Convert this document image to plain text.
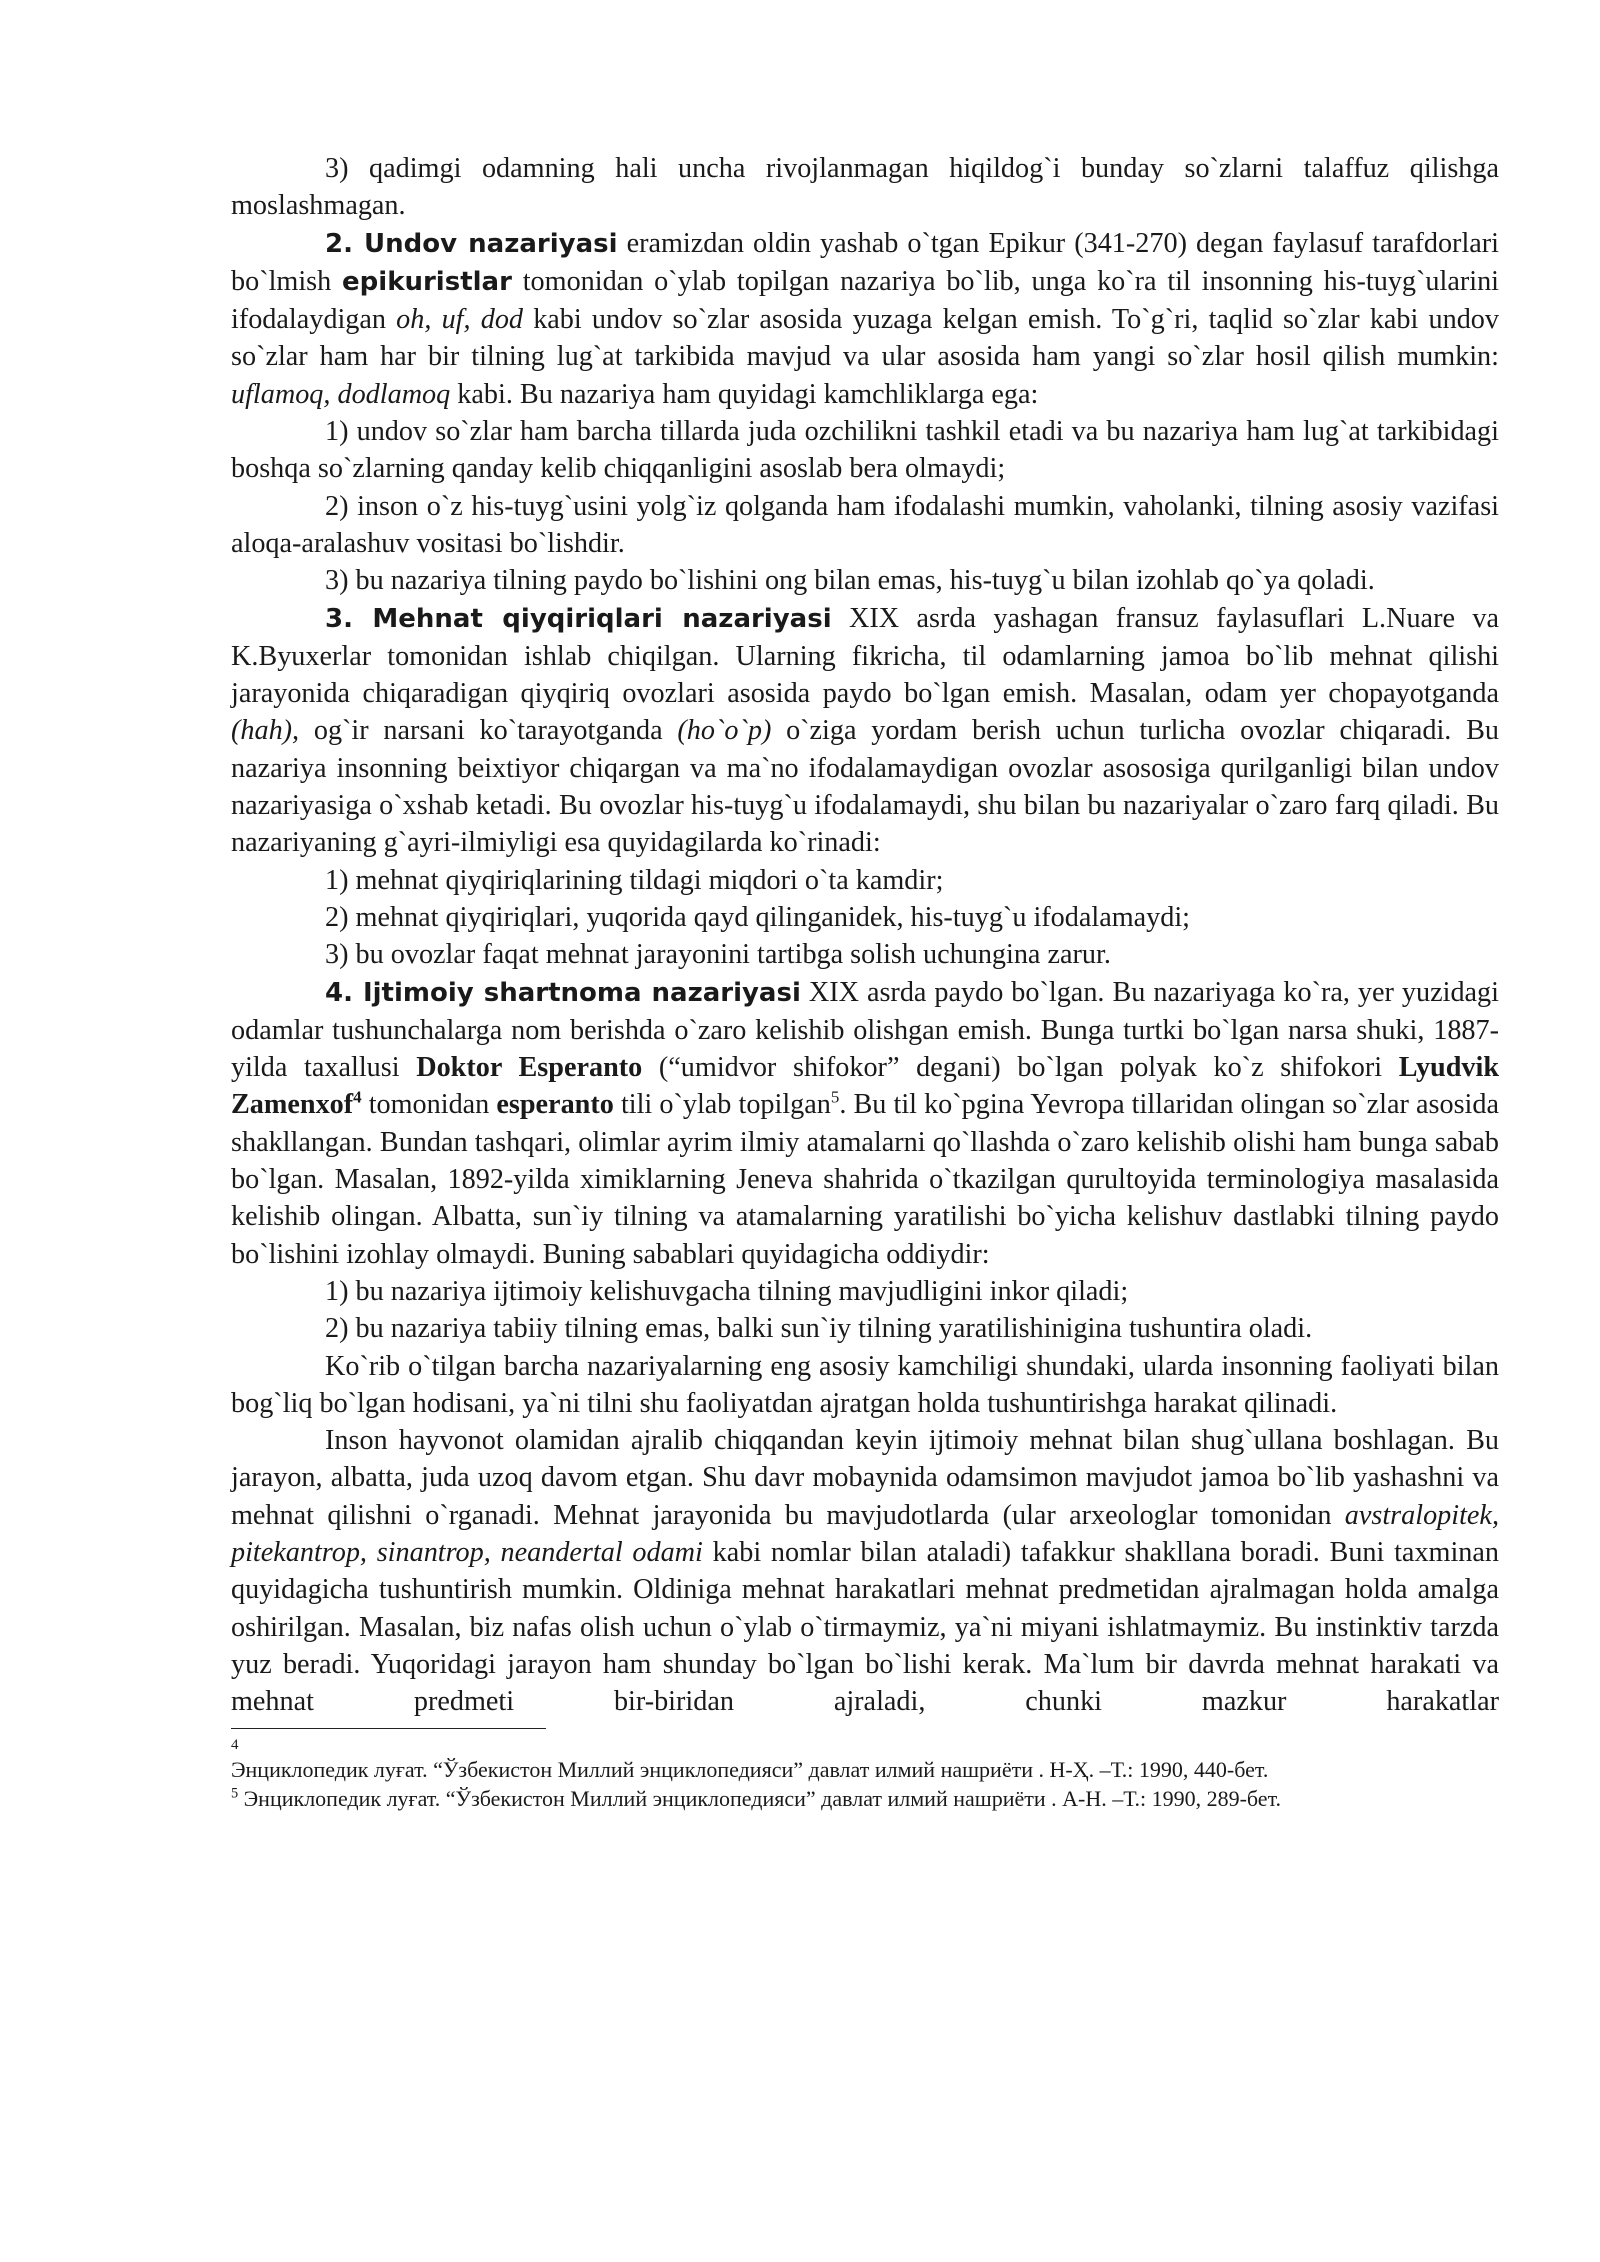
3) qadimgi odamning hali uncha rivojlanmagan hiqildog`i bunday so`zlarni talaffuz qilishga moslashmagan.

2. Undov nazariyasi eramizdan oldin yashab o`tgan Epikur (341-270) degan faylasuf tarafdorlari bo`lmish epikuristlar tomonidan o`ylab topilgan nazariya bo`lib, unga ko`ra til insonning his-tuyg`ularini ifodalaydigan oh, uf, dod kabi undov so`zlar asosida yuzaga kelgan emish. To`g`ri, taqlid so`zlar kabi undov so`zlar ham har bir tilning lug`at tarkibida mavjud va ular asosida ham yangi so`zlar hosil qilish mumkin: uflamoq, dodlamoq kabi. Bu nazariya ham quyidagi kamchliklarga ega:

1) undov so`zlar ham barcha tillarda juda ozchilikni tashkil etadi va bu nazariya ham lug`at tarkibidagi boshqa so`zlarning qanday kelib chiqqanligini asoslab bera olmaydi;

2) inson o`z his-tuyg`usini yolg`iz qolganda ham ifodalashi mumkin, vaholanki, tilning asosiy vazifasi aloqa-aralashuv vositasi bo`lishdir.

3) bu nazariya tilning paydo bo`lishini ong bilan emas, his-tuyg`u bilan izohlab qo`ya qoladi.

3. Mehnat qiyqiriqlari nazariyasi XIX asrda yashagan fransuz faylasuflari L.Nuare va K.Byuxerlar tomonidan ishlab chiqilgan. Ularning fikricha, til odamlarning jamoa bo`lib mehnat qilishi jarayonida chiqaradigan qiyqiriq ovozlari asosida paydo bo`lgan emish. Masalan, odam yer chopayotganda (hah), og`ir narsani ko`tarayotganda (ho`o`p) o`ziga yordam berish uchun turlicha ovozlar chiqaradi. Bu nazariya insonning beixtiyor chiqargan va ma`no ifodalamaydigan ovozlar asososiga qurilganligi bilan undov nazariyasiga o`xshab ketadi. Bu ovozlar his-tuyg`u ifodalamaydi, shu bilan bu nazariyalar o`zaro farq qiladi. Bu nazariyaning g`ayri-ilmiyligi esa quyidagilarda ko`rinadi:

1) mehnat qiyqiriqlarining tildagi miqdori o`ta kamdir;

2) mehnat qiyqiriqlari, yuqorida qayd qilinganidek, his-tuyg`u ifodalamaydi;

3) bu ovozlar faqat mehnat jarayonini tartibga solish uchungina zarur.

4. Ijtimoiy shartnoma nazariyasi XIX asrda paydo bo`lgan. Bu nazariyaga ko`ra, yer yuzidagi odamlar tushunchalarga nom berishda o`zaro kelishib olishgan emish. Bunga turtki bo`lgan narsa shuki, 1887-yilda taxallusi Doktor Esperanto (“umidvor shifokor” degani) bo`lgan polyak ko`z shifokori Lyudvik Zamenxof$^4$ tomonidan esperanto tili o`ylab topilgan$^5$. Bu til ko`pgina Yevropa tillaridan olingan so`zlar asosida shakllangan. Bundan tashqari, olimlar ayrim ilmiy atamalarni qo`llashda o`zaro kelishib olishi ham bunga sabab bo`lgan. Masalan, 1892-yilda ximiklarning Jeneva shahrida o`tkazilgan qurultoyida terminologiya masalasida kelishib olingan. Albatta, sun`iy tilning va atamalarning yaratilishi bo`yicha kelishuv dastlabki tilning paydo bo`lishini izohlay olmaydi. Buning sabablari quyidagicha oddiydir:

1) bu nazariya ijtimoiy kelishuvgacha tilning mavjudligini inkor qiladi;

2) bu nazariya tabiiy tilning emas, balki sun`iy tilning yaratilishinigina tushuntira oladi.

Ko`rib o`tilgan barcha nazariyalarning eng asosiy kamchiligi shundaki, ularda insonning faoliyati bilan bog`liq bo`lgan hodisani, ya`ni tilni shu faoliyatdan ajratgan holda tushuntirishga harakat qilinadi.

Inson hayvonot olamidan ajralib chiqqandan keyin ijtimoiy mehnat bilan shug`ullana boshlagan. Bu jarayon, albatta, juda uzoq davom etgan. Shu davr mobaynida odamsimon mavjudot jamoa bo`lib yashashni va mehnat qilishni o`rganadi. Mehnat jarayonida bu mavjudotlarda (ular arxeologlar tomonidan avstralopitek, pitekantrop, sinantrop, neandertal odami kabi nomlar bilan ataladi) tafakkur shakllana boradi. Buni taxminan quyidagicha tushuntirish mumkin. Oldiniga mehnat harakatlari mehnat predmetidan ajralmagan holda amalga oshirilgan. Masalan, biz nafas olish uchun o`ylab o`tirmaymiz, ya`ni miyani ishlatmaymiz. Bu instinktiv tarzda yuz beradi. Yuqoridagi jarayon ham shunday bo`lgan bo`lishi kerak. Ma`lum bir davrda mehnat harakati va mehnat predmeti bir-biridan ajraladi, chunki mazkur harakatlar

4
Энциклопедик луғат. “Ўзбекистон Миллий энциклопедияси” давлат илмий нашриёти . Н-Ҳ. –Т.: 1990, 440-бет.
$^5$ Энциклопедик луғат. “Ўзбекистон Миллий энциклопедияси” давлат илмий нашриёти . А-Н. –Т.: 1990, 289-бет.
